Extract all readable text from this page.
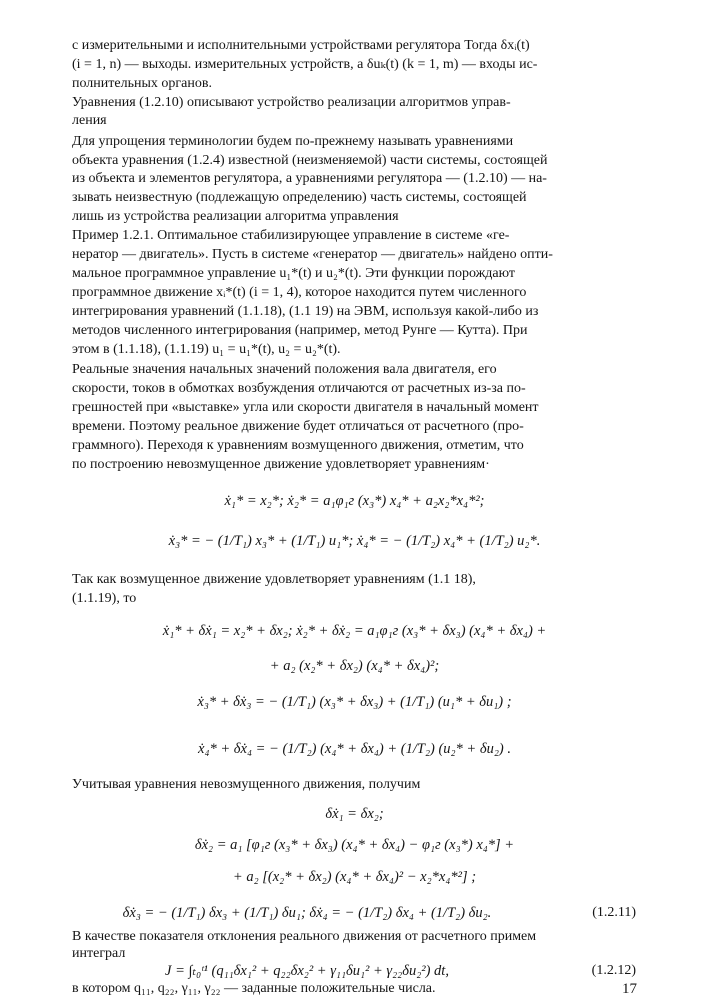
с измерительными и исполнительными устройствами регулятора Тогда δxᵢ(t)
(i = 1, n) — выходы. измерительных устройств, а δuₖ(t) (k = 1, m) — входы ис-
полнительных органов.
Уравнения (1.2.10) описывают устройство реализации алгоритмов управ-
ления
Для упрощения терминологии будем по-прежнему называть уравнениями
объекта уравнения (1.2.4) известной (неизменяемой) части системы, состоящей
из объекта и элементов регулятора, а уравнениями регулятора — (1.2.10) — на-
зывать неизвестную (подлежащую определению) часть системы, состоящей
лишь из устройства реализации алгоритма управления
Пример 1.2.1. Оптимальное стабилизирующее управление в системе «ге-
нератор — двигатель». Пусть в системе «генератор — двигатель» найдено опти-
мальное программное управление u₁*(t) и u₂*(t). Эти функции порождают
программное движение xᵢ*(t) (i = 1, 4), которое находится путем численного
интегрирования уравнений (1.1.18), (1.1 19) на ЭВМ, используя какой-либо из
методов численного интегрирования (например, метод Рунге — Кутта). При
этом в (1.1.18), (1.1.19) u₁ = u₁*(t), u₂ = u₂*(t).
Реальные значения начальных значений положения вала двигателя, его
скорости, токов в обмотках возбуждения отличаются от расчетных из-за по-
грешностей при «выставке» угла или скорости двигателя в начальный момент
времени. Поэтому реальное движение будет отличаться от расчетного (про-
граммного). Переходя к уравнениям возмущенного движения, отметим, что
по построению невозмущенное движение удовлетворяет уравнениям·
ẋ₁* = x₂*; ẋ₂* = a₁φ₁г (x₃*) x₄* + a₂x₂*x₄*²;
ẋ₃* = − (1/T₁) x₃* + (1/T₁) u₁*; ẋ₄* = − (1/T₂) x₄* + (1/T₂) u₂*.
Так как возмущенное движение удовлетворяет уравнениям (1.1 18),
(1.1.19), то
ẋ₁* + δẋ₁ = x₂* + δx₂; ẋ₂* + δẋ₂ = a₁φ₁г (x₃* + δx₃) (x₄* + δx₄) +
+ a₂ (x₂* + δx₂) (x₄* + δx₄)²;
ẋ₃* + δẋ₃ = − (1/T₁) (x₃* + δx₃) + (1/T₁) (u₁* + δu₁) ;
ẋ₄* + δẋ₄ = − (1/T₂) (x₄* + δx₄) + (1/T₂) (u₂* + δu₂) .
Учитывая уравнения невозмущенного движения, получим
δẋ₁ = δx₂;
δẋ₂ = a₁ [φ₁г (x₃* + δx₃) (x₄* + δx₄) − φ₁г (x₃*) x₄*] +
+ a₂ [(x₂* + δx₂) (x₄* + δx₄)² − x₂*x₄*²] ;
δẋ₃ = − (1/T₁) δx₃ + (1/T₁) δu₁; δẋ₄ = − (1/T₂) δx₄ + (1/T₂) δu₂.	(1.2.11)
17
В качестве показателя отклонения реального движения от расчетного примем
интеграл
J = ∫ₜ₀ᵗ¹ (q₁₁δx₁² + q₂₂δx₂² + γ₁₁δu₁² + γ₂₂δu₂²) dt,	(1.2.12)
в котором q₁₁, q₂₂, γ₁₁, γ₂₂ — заданные положительные числа.
